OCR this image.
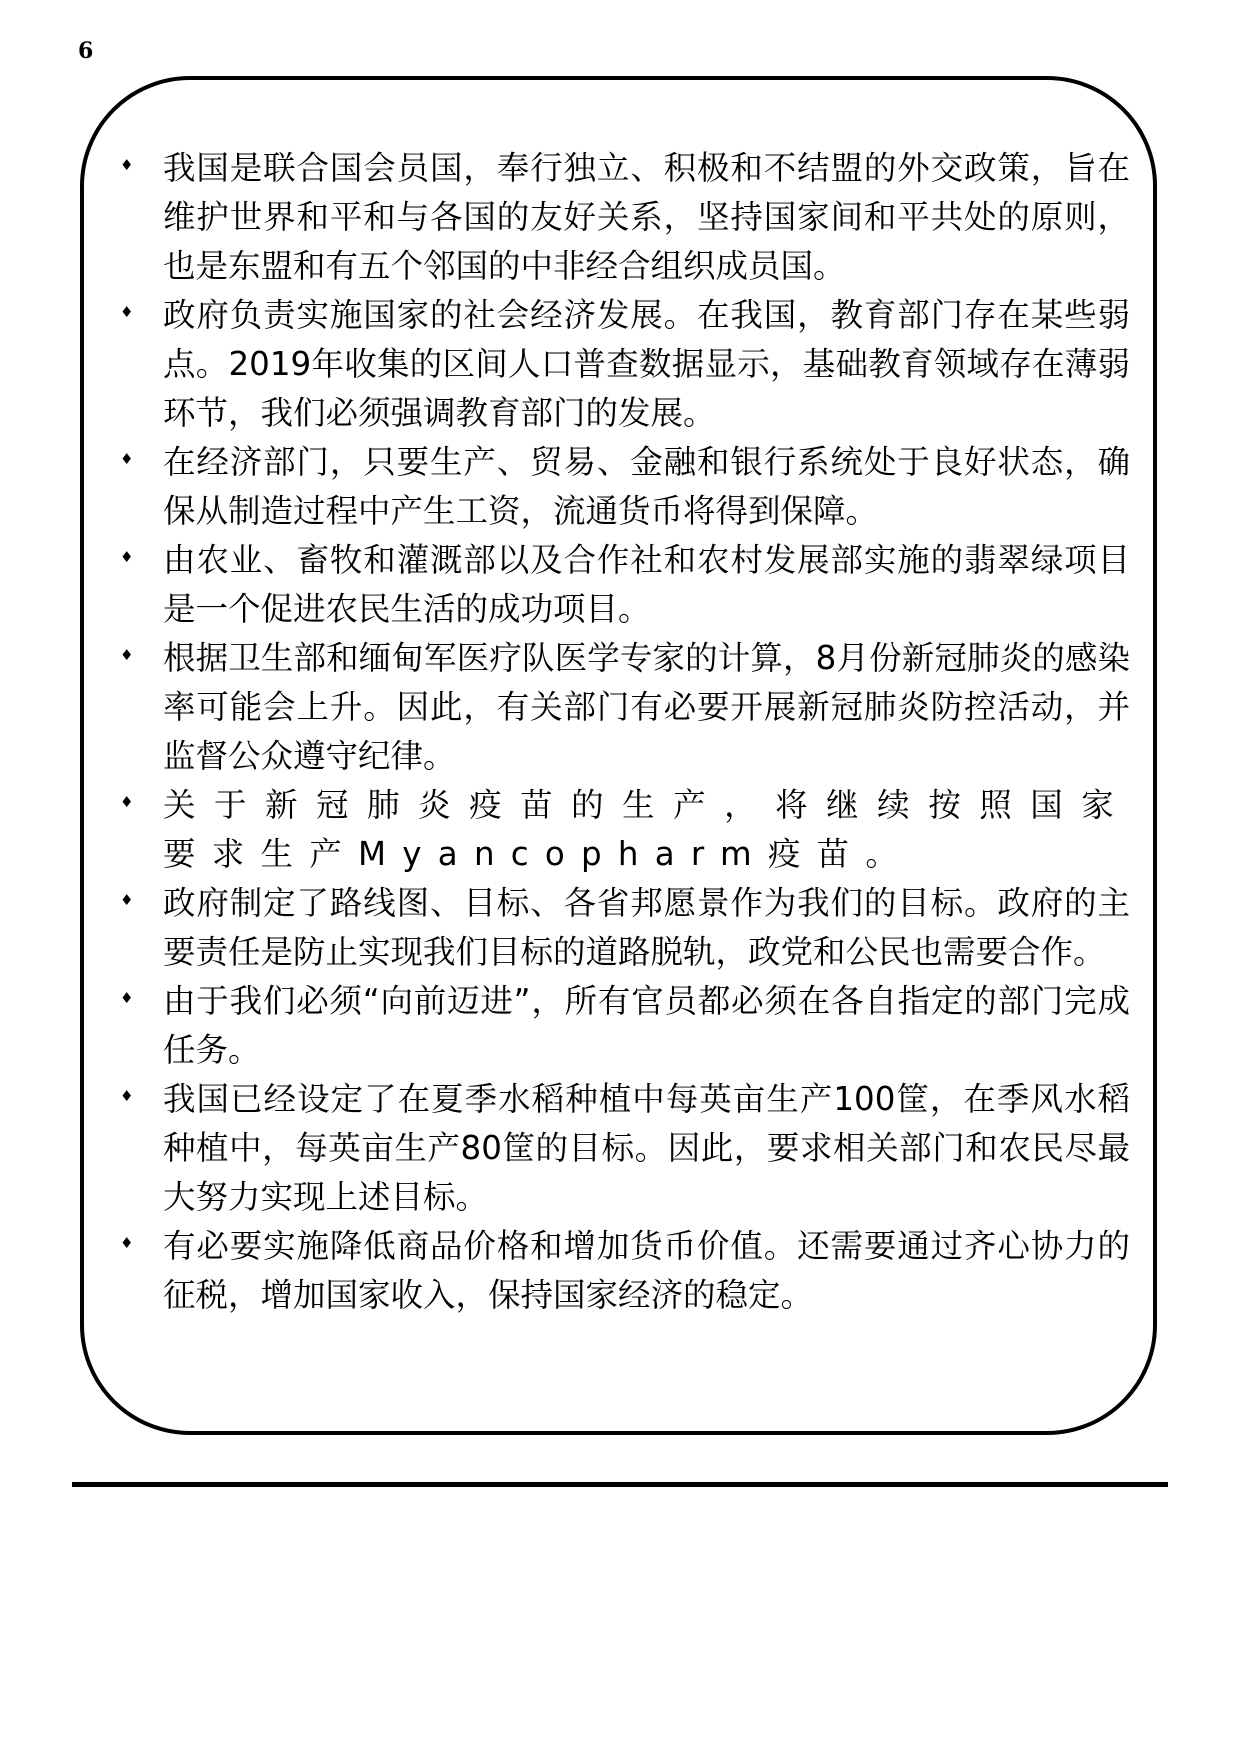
6
♦ 我国是联合国会员国，奉行独立、积极和不结盟的外交政策，旨在维护世界和平和与各国的友好关系，坚持国家间和平共处的原则，也是东盟和有五个邻国的中非经合组织成员国。
♦ 政府负责实施国家的社会经济发展。在我国，教育部门存在某些弱点。2019年收集的区间人口普查数据显示，基础教育领域存在薄弱环节，我们必须强调教育部门的发展。
♦ 在经济部门，只要生产、贸易、金融和银行系统处于良好状态，确保从制造过程中产生工资，流通货币将得到保障。
♦ 由农业、畜牧和灌溉部以及合作社和农村发展部实施的翡翠绿项目是一个促进农民生活的成功项目。
♦ 根据卫生部和缅甸军医疗队医学专家的计算，8月份新冠肺炎的感染率可能会上升。因此，有关部门有必要开展新冠肺炎防控活动，并监督公众遵守纪律。
♦ 关于新冠肺炎疫苗的生产，将继续按照国家要求生产Myancopharm疫苗。
♦ 政府制定了路线图、目标、各省邦愿景作为我们的目标。政府的主要责任是防止实现我们目标的道路脱轨，政党和公民也需要合作。
♦ 由于我们必须“向前迈进”，所有官员都必须在各自指定的部门完成任务。
♦ 我国已经设定了在夏季水稻种植中每英亩生产100筐，在季风水稻种植中，每英亩生产80筐的目标。因此，要求相关部门和农民尽最大努力实现上述目标。
♦ 有必要实施降低商品价格和增加货币价值。还需要通过齐心协力的征税，增加国家收入，保持国家经济的稳定。
